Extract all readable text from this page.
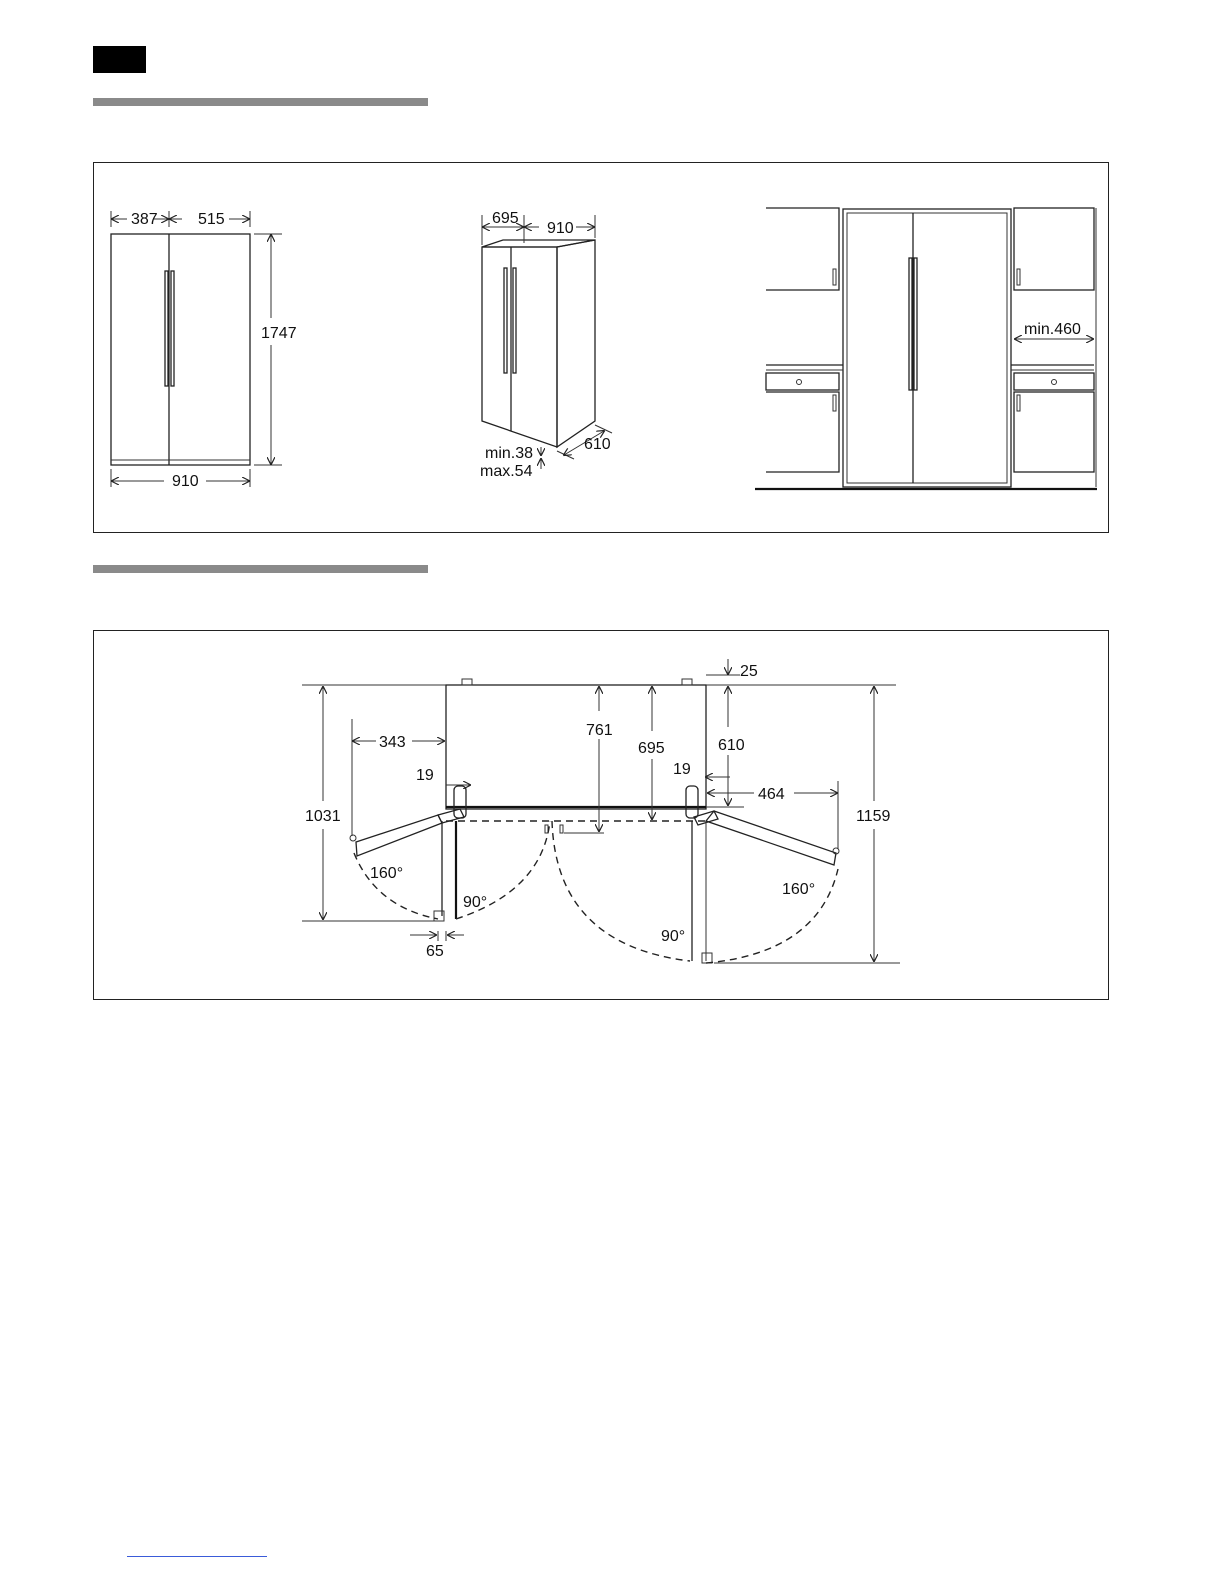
387	515
1747
910
695
910
610
min.38
max.54
min.460
25
1031	1159
343
464
761
695	610
19	19
160°
90°
160°
90°
65
